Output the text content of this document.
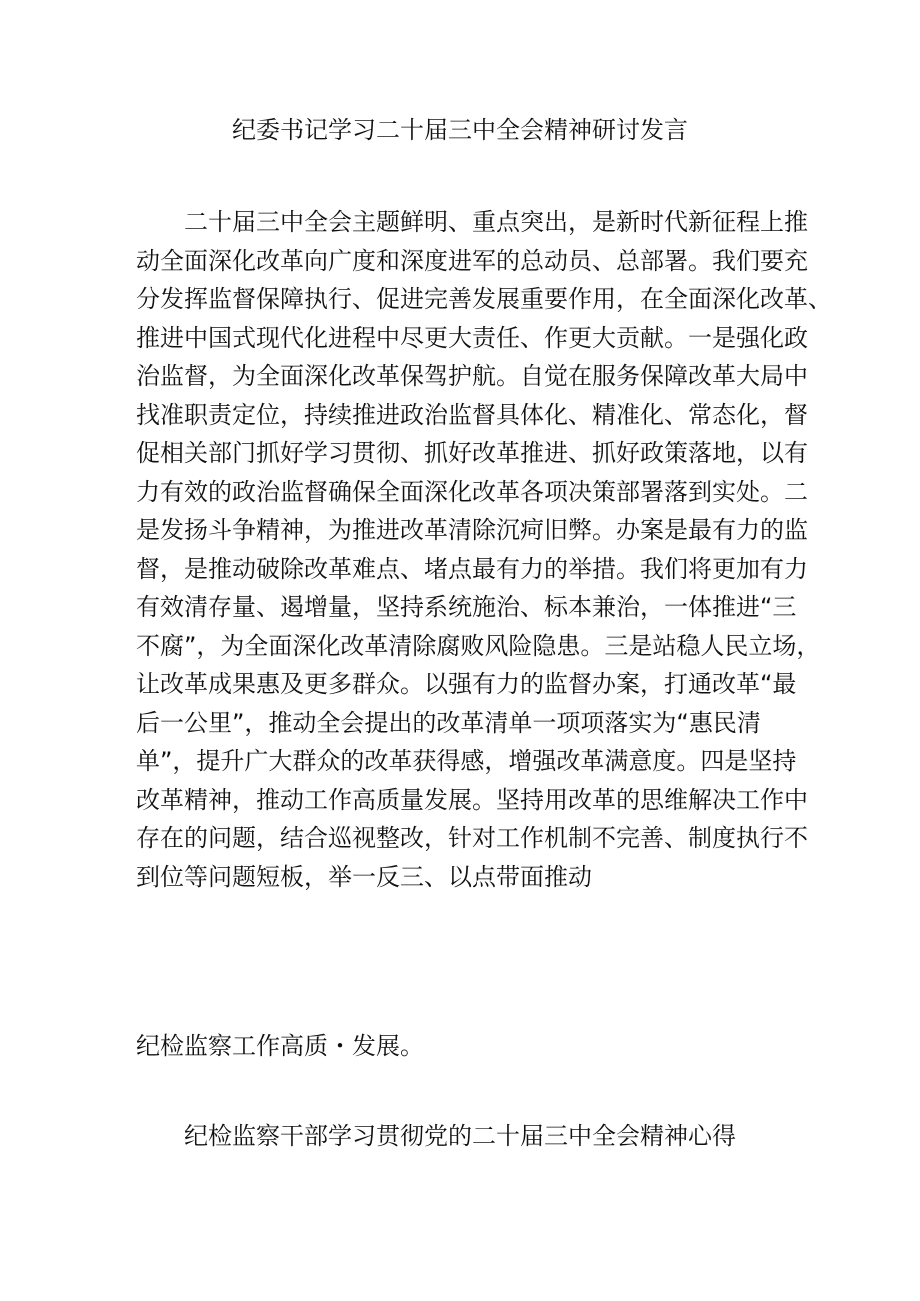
纪委书记学习二十届三中全会精神研讨发言
二十届三中全会主题鲜明、重点突出，是新时代新征程上推
动全面深化改革向广度和深度进军的总动员、总部署。我们要充
分发挥监督保障执行、促进完善发展重要作用，在全面深化改革、
推进中国式现代化进程中尽更大责任、作更大贡献。一是强化政
治监督，为全面深化改革保驾护航。自觉在服务保障改革大局中
找准职责定位，持续推进政治监督具体化、精准化、常态化，督
促相关部门抓好学习贯彻、抓好改革推进、抓好政策落地，以有
力有效的政治监督确保全面深化改革各项决策部署落到实处。二
是发扬斗争精神，为推进改革清除沉疴旧弊。办案是最有力的监
督，是推动破除改革难点、堵点最有力的举措。我们将更加有力
有效清存量、遏增量，坚持系统施治、标本兼治，一体推进“三
不腐”，为全面深化改革清除腐败风险隐患。三是站稳人民立场，
让改革成果惠及更多群众。以强有力的监督办案，打通改革“最
后一公里”，推动全会提出的改革清单一项项落实为“惠民清
单”，提升广大群众的改革获得感，增强改革满意度。四是坚持
改革精神，推动工作高质量发展。坚持用改革的思维解决工作中
存在的问题，结合巡视整改，针对工作机制不完善、制度执行不
到位等问题短板，举一反三、以点带面推动
纪检监察工作高质・发展。
纪检监察干部学习贯彻党的二十届三中全会精神心得
